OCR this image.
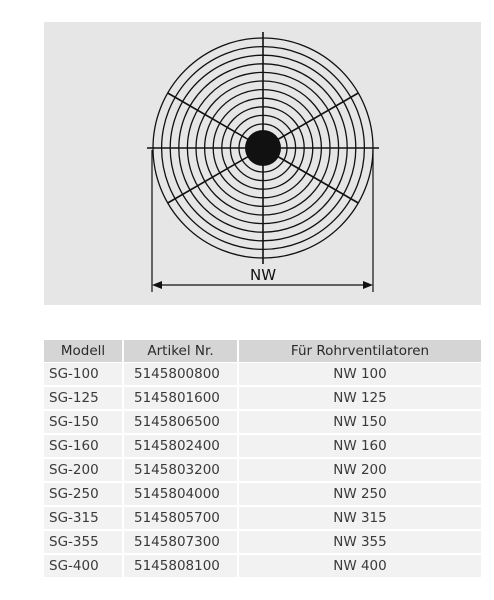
NW
Modell	Artikel Nr.	Für Rohrventilatoren
SG-100	5145800800	NW 100
SG-125	5145801600	NW 125
SG-150	5145806500	NW 150
SG-160	5145802400	NW 160
SG-200	5145803200	NW 200
SG-250	5145804000	NW 250
SG-315	5145805700	NW 315
SG-355	5145807300	NW 355
SG-400	5145808100	NW 400
